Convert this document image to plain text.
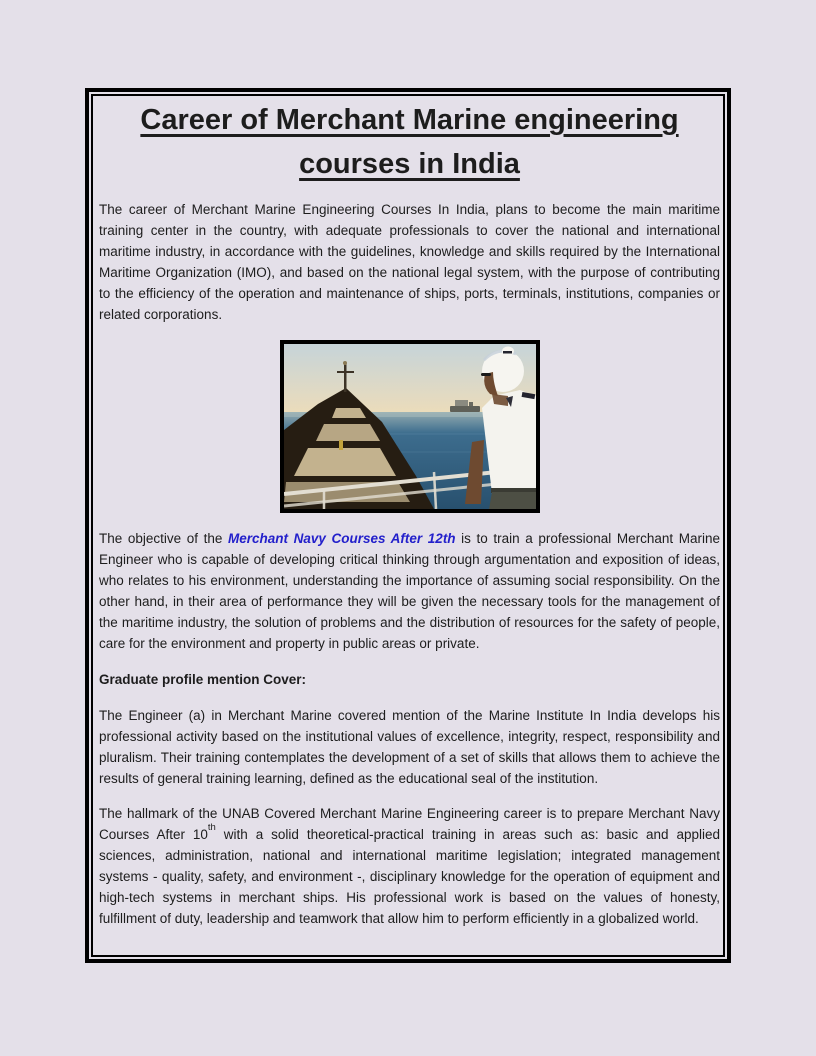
Career of Merchant Marine engineering courses in India

The career of Merchant Marine Engineering Courses In India, plans to become the main maritime training center in the country, with adequate professionals to cover the national and international maritime industry, in accordance with the guidelines, knowledge and skills required by the International Maritime Organization (IMO), and based on the national legal system, with the purpose of contributing to the efficiency of the operation and maintenance of ships, ports, terminals, institutions, companies or related corporations.

The objective of the Merchant Navy Courses After 12th is to train a professional Merchant Marine Engineer who is capable of developing critical thinking through argumentation and exposition of ideas, who relates to his environment, understanding the importance of assuming social responsibility. On the other hand, in their area of performance they will be given the necessary tools for the management of the maritime industry, the solution of problems and the distribution of resources for the safety of people, care for the environment and property in public areas or private.

Graduate profile mention Cover:

The Engineer (a) in Merchant Marine covered mention of the Marine Institute In India develops his professional activity based on the institutional values of excellence, integrity, respect, responsibility and pluralism. Their training contemplates the development of a set of skills that allows them to achieve the results of general training learning, defined as the educational seal of the institution.

The hallmark of the UNAB Covered Merchant Marine Engineering career is to prepare Merchant Navy Courses After 10th with a solid theoretical-practical training in areas such as: basic and applied sciences, administration, national and international maritime legislation; integrated management systems - quality, safety, and environment -, disciplinary knowledge for the operation of equipment and high-tech systems in merchant ships. His professional work is based on the values of honesty, fulfillment of duty, leadership and teamwork that allow him to perform efficiently in a globalized world.
